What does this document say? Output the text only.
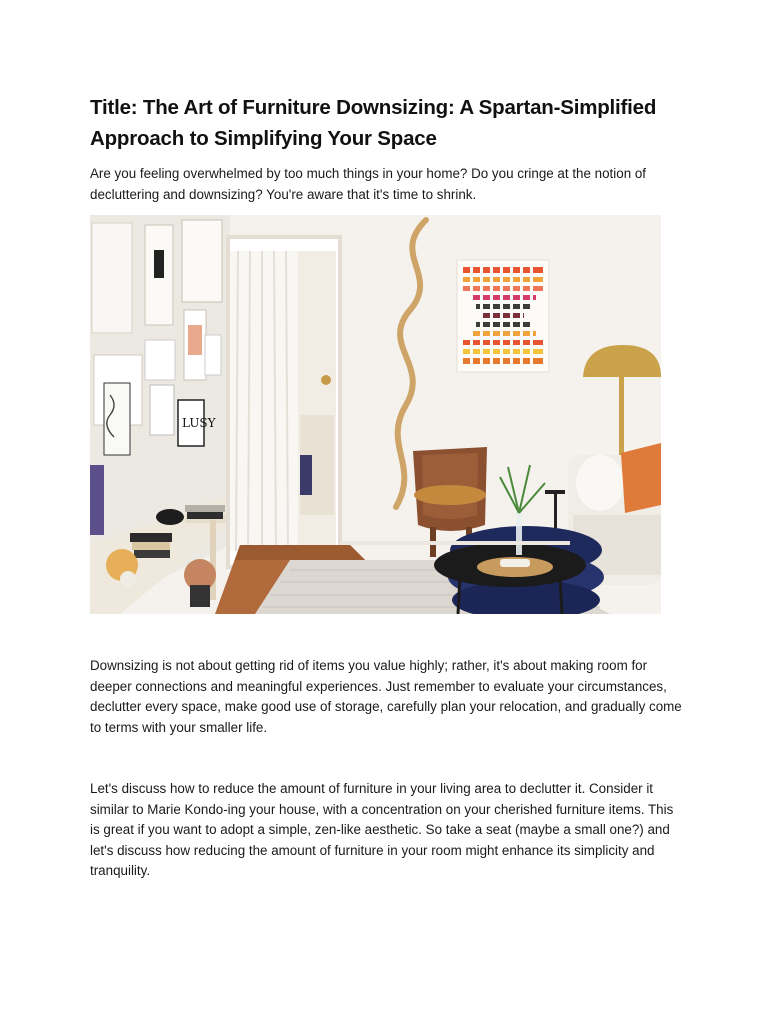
Title: The Art of Furniture Downsizing: A Spartan-Simplified Approach to Simplifying Your Space

Are you feeling overwhelmed by too much things in your home? Do you cringe at the notion of decluttering and downsizing? You're aware that it's time to shrink.

LUSY

Downsizing is not about getting rid of items you value highly; rather, it's about making room for deeper connections and meaningful experiences. Just remember to evaluate your circumstances, declutter every space, make good use of storage, carefully plan your relocation, and gradually come to terms with your smaller life.

Let's discuss how to reduce the amount of furniture in your living area to declutter it. Consider it similar to Marie Kondo-ing your house, with a concentration on your cherished furniture items. This is great if you want to adopt a simple, zen-like aesthetic. So take a seat (maybe a small one?) and let's discuss how reducing the amount of furniture in your room might enhance its simplicity and tranquility.
